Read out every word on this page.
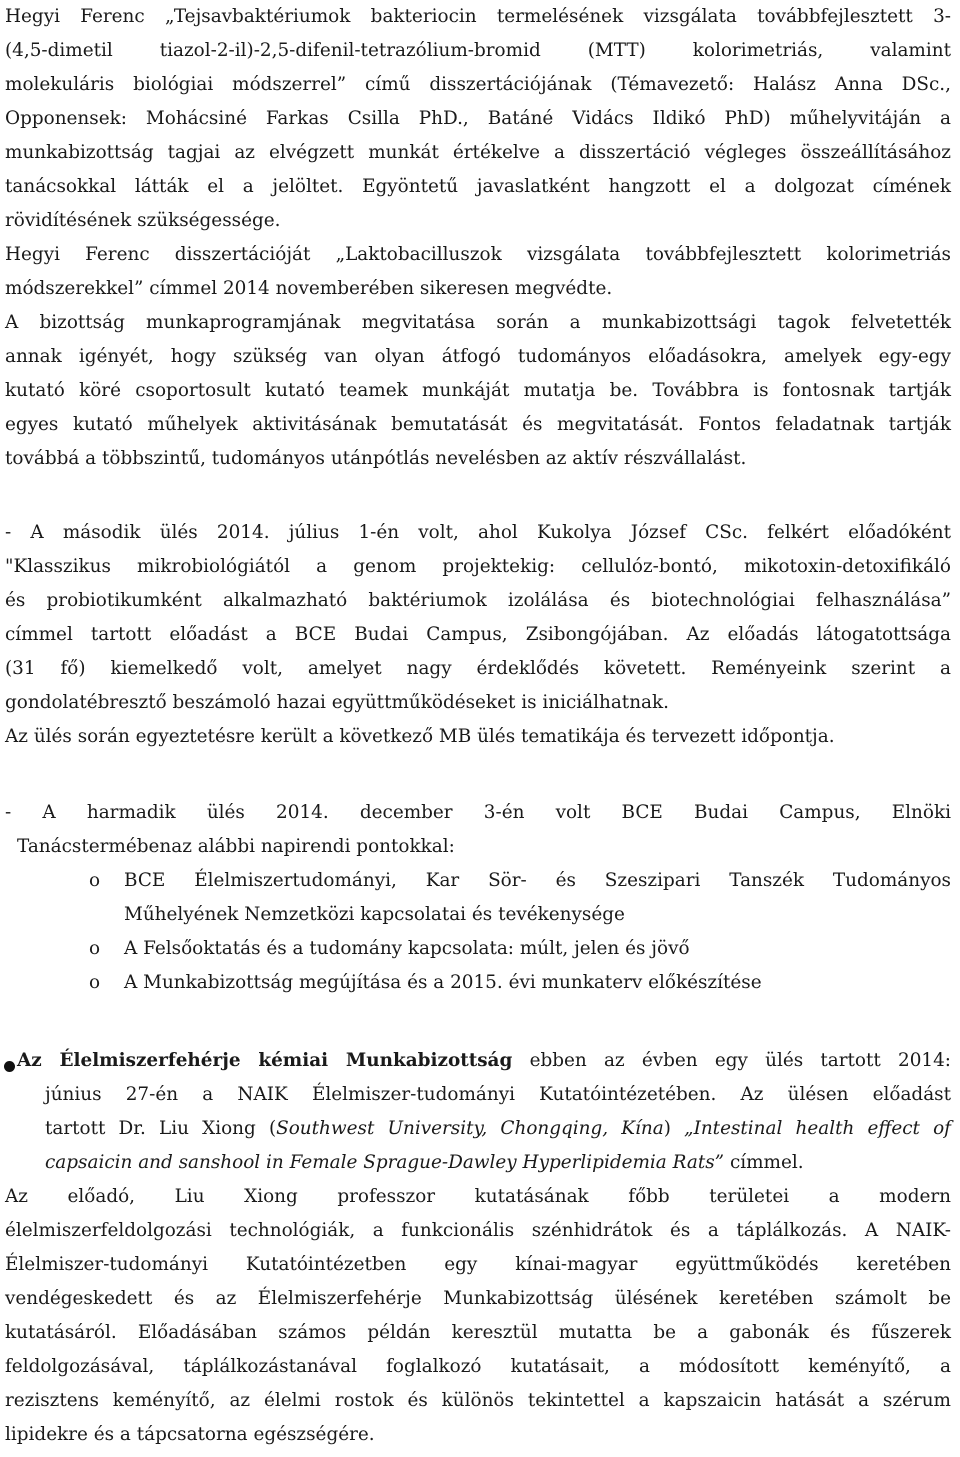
Hegyi Ferenc „Tejsavbaktériumok bakteriocin termelésének vizsgálata továbbfejlesztett 3-
(4,5-dimetil tiazol-2-il)-2,5-difenil-tetrazólium-bromid (MTT) kolorimetriás, valamint
molekuláris biológiai módszerrel” című disszertációjának (Témavezető: Halász Anna DSc.,
Opponensek: Mohácsiné Farkas Csilla PhD., Batáné Vidács Ildikó PhD) műhelyvitáján a
munkabizottság tagjai az elvégzett munkát értékelve a disszertáció végleges összeállításához
tanácsokkal látták el a jelöltet. Egyöntetű javaslatként hangzott el a dolgozat címének
rövidítésének szükségessége.
Hegyi Ferenc disszertációját „Laktobacilluszok vizsgálata továbbfejlesztett kolorimetriás
módszerekkel” címmel 2014 novemberében sikeresen megvédte.
A bizottság munkaprogramjának megvitatása során a munkabizottsági tagok felvetették
annak igényét, hogy szükség van olyan átfogó tudományos előadásokra, amelyek egy-egy
kutató köré csoportosult kutató teamek munkáját mutatja be. Továbbra is fontosnak tartják
egyes kutató műhelyek aktivitásának bemutatását és megvitatását. Fontos feladatnak tartják
továbbá a többszintű, tudományos utánpótlás nevelésben az aktív részvállalást.
- A második ülés 2014. július 1-én volt, ahol Kukolya József CSc. felkért előadóként
"Klasszikus mikrobiológiától a genom projektekig: cellulóz-bontó, mikotoxin-detoxifikáló
és probiotikumként alkalmazható baktériumok izolálása és biotechnológiai felhasználása”
címmel tartott előadást a BCE Budai Campus, Zsibongójában. Az előadás látogatottsága
(31 fő) kiemelkedő volt, amelyet nagy érdeklődés követett. Reményeink szerint a
gondolatébresztő beszámoló hazai együttműködéseket is iniciálhatnak.
Az ülés során egyeztetésre került a következő MB ülés tematikája és tervezett időpontja.
- A harmadik ülés 2014. december 3-én volt BCE Budai Campus, Elnöki
Tanácstermébenaz alábbi napirendi pontokkal:
o BCE Élelmiszertudományi, Kar Sör- és Szeszipari Tanszék Tudományos
Műhelyének Nemzetközi kapcsolatai és tevékenysége
o A Felsőoktatás és a tudomány kapcsolata: múlt, jelen és jövő
o A Munkabizottság megújítása és a 2015. évi munkaterv előkészítése
Az Élelmiszerfehérje kémiai Munkabizottság ebben az évben egy ülés tartott 2014:
június 27-én a NAIK Élelmiszer-tudományi Kutatóintézetében. Az ülésen előadást
tartott Dr. Liu Xiong (Southwest University, Chongqing, Kína) „Intestinal health effect of
capsaicin and sanshool in Female Sprague-Dawley Hyperlipidemia Rats” címmel.
Az előadó, Liu Xiong professzor kutatásának főbb területei a modern
élelmiszerfeldolgozási technológiák, a funkcionális szénhidrátok és a táplálkozás. A NAIK-
Élelmiszer-tudományi Kutatóintézetben egy kínai-magyar együttműködés keretében
vendégeskedett és az Élelmiszerfehérje Munkabizottság ülésének keretében számolt be
kutatásáról. Előadásában számos példán keresztül mutatta be a gabonák és fűszerek
feldolgozásával, táplálkozástanával foglalkozó kutatásait, a módosított keményítő, a
rezisztens keményítő, az élelmi rostok és különös tekintettel a kapszaicin hatását a szérum
lipidekre és a tápcsatorna egészségére.
